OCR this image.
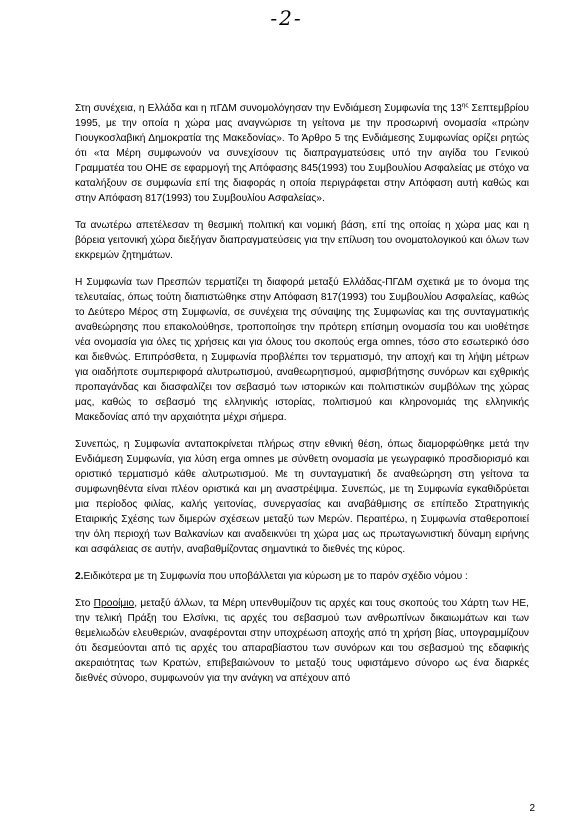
-2-

Στη συνέχεια, η Ελλάδα και η πΓΔΜ συνομολόγησαν την Ενδιάμεση Συμφωνία της $13^{\eta\varsigma}$ Σεπτεμβρίου 1995, με την οποία η χώρα μας αναγνώρισε τη γείτονα με την προσωρινή ονομασία «πρώην Γιουγκοσλαβική Δημοκρατία της Μακεδονίας». Το Άρθρο 5 της Ενδιάμεσης Συμφωνίας ορίζει ρητώς ότι «τα Μέρη συμφωνούν να συνεχίσουν τις διαπραγματεύσεις υπό την αιγίδα του Γενικού Γραμματέα του ΟΗΕ σε εφαρμογή της Απόφασης 845(1993) του Συμβουλίου Ασφαλείας με στόχο να καταλήξουν σε συμφωνία επί της διαφοράς η οποία περιγράφεται στην Απόφαση αυτή καθώς και στην Απόφαση 817(1993) του Συμβουλίου Ασφαλείας».

Τα ανωτέρω απετέλεσαν τη θεσμική πολιτική και νομική βάση, επί της οποίας η χώρα μας και η βόρεια γειτονική χώρα διεξήγαν διαπραγματεύσεις για την επίλυση του ονοματολογικού και όλων των εκκρεμών ζητημάτων.

Η Συμφωνία των Πρεσπών τερματίζει τη διαφορά μεταξύ Ελλάδας-ΠΓΔΜ σχετικά με το όνομα της τελευταίας, όπως τούτη διαπιστώθηκε στην Απόφαση 817(1993) του Συμβουλίου Ασφαλείας, καθώς το Δεύτερο Μέρος στη Συμφωνία, σε συνέχεια της σύναψης της Συμφωνίας και της συνταγματικής αναθεώρησης που επακολούθησε, τροποποίησε την πρότερη επίσημη ονομασία του και υιοθέτησε νέα ονομασία για όλες τις χρήσεις και για όλους του σκοπούς erga omnes, τόσο στο εσωτερικό όσο και διεθνώς. Επιπρόσθετα, η Συμφωνία προβλέπει τον τερματισμό, την αποχή και τη λήψη μέτρων για οιαδήποτε συμπεριφορά αλυτρωτισμού, αναθεωρητισμού, αμφισβήτησης συνόρων και εχθρικής προπαγάνδας και διασφαλίζει τον σεβασμό των ιστορικών και πολιτιστικών συμβόλων της χώρας μας, καθώς το σεβασμό της ελληνικής ιστορίας, πολιτισμού και κληρονομιάς της ελληνικής Μακεδονίας από την αρχαιότητα μέχρι σήμερα.

Συνεπώς, η Συμφωνία ανταποκρίνεται πλήρως στην εθνική θέση, όπως διαμορφώθηκε μετά την Ενδιάμεση Συμφωνία, για λύση erga omnes με σύνθετη ονομασία με γεωγραφικό προσδιορισμό και οριστικό τερματισμό κάθε αλυτρωτισμού. Με τη συνταγματική δε αναθεώρηση στη γείτονα τα συμφωνηθέντα είναι πλέον οριστικά και μη αναστρέψιμα. Συνεπώς, με τη Συμφωνία εγκαθιδρύεται μια περίοδος φιλίας, καλής γειτονίας, συνεργασίας και αναβάθμισης σε επίπεδο Στρατηγικής Εταιρικής Σχέσης των διμερών σχέσεων μεταξύ των Μερών. Περαιτέρω, η Συμφωνία σταθεροποιεί την όλη περιοχή των Βαλκανίων και αναδεικνύει τη χώρα μας ως πρωταγωνιστική δύναμη ειρήνης και ασφάλειας σε αυτήν, αναβαθμίζοντας σημαντικά το διεθνές της κύρος.

2.Ειδικότερα με τη Συμφωνία που υποβάλλεται για κύρωση με το παρόν σχέδιο νόμου :

Στο Προοίμιο, μεταξύ άλλων, τα Μέρη υπενθυμίζουν τις αρχές και τους σκοπούς του Χάρτη των ΗΕ, την τελική Πράξη του Ελσίνκι, τις αρχές του σεβασμού των ανθρωπίνων δικαιωμάτων και των θεμελιωδών ελευθεριών, αναφέρονται στην υποχρέωση αποχής από τη χρήση βίας, υπογραμμίζουν ότι δεσμεύονται από τις αρχές του απαραβίαστου των συνόρων και του σεβασμού της εδαφικής ακεραιότητας των Κρατών, επιβεβαιώνουν το μεταξύ τους υφιστάμενο σύνορο ως ένα διαρκές διεθνές σύνορο, συμφωνούν για την ανάγκη να απέχουν από

2
